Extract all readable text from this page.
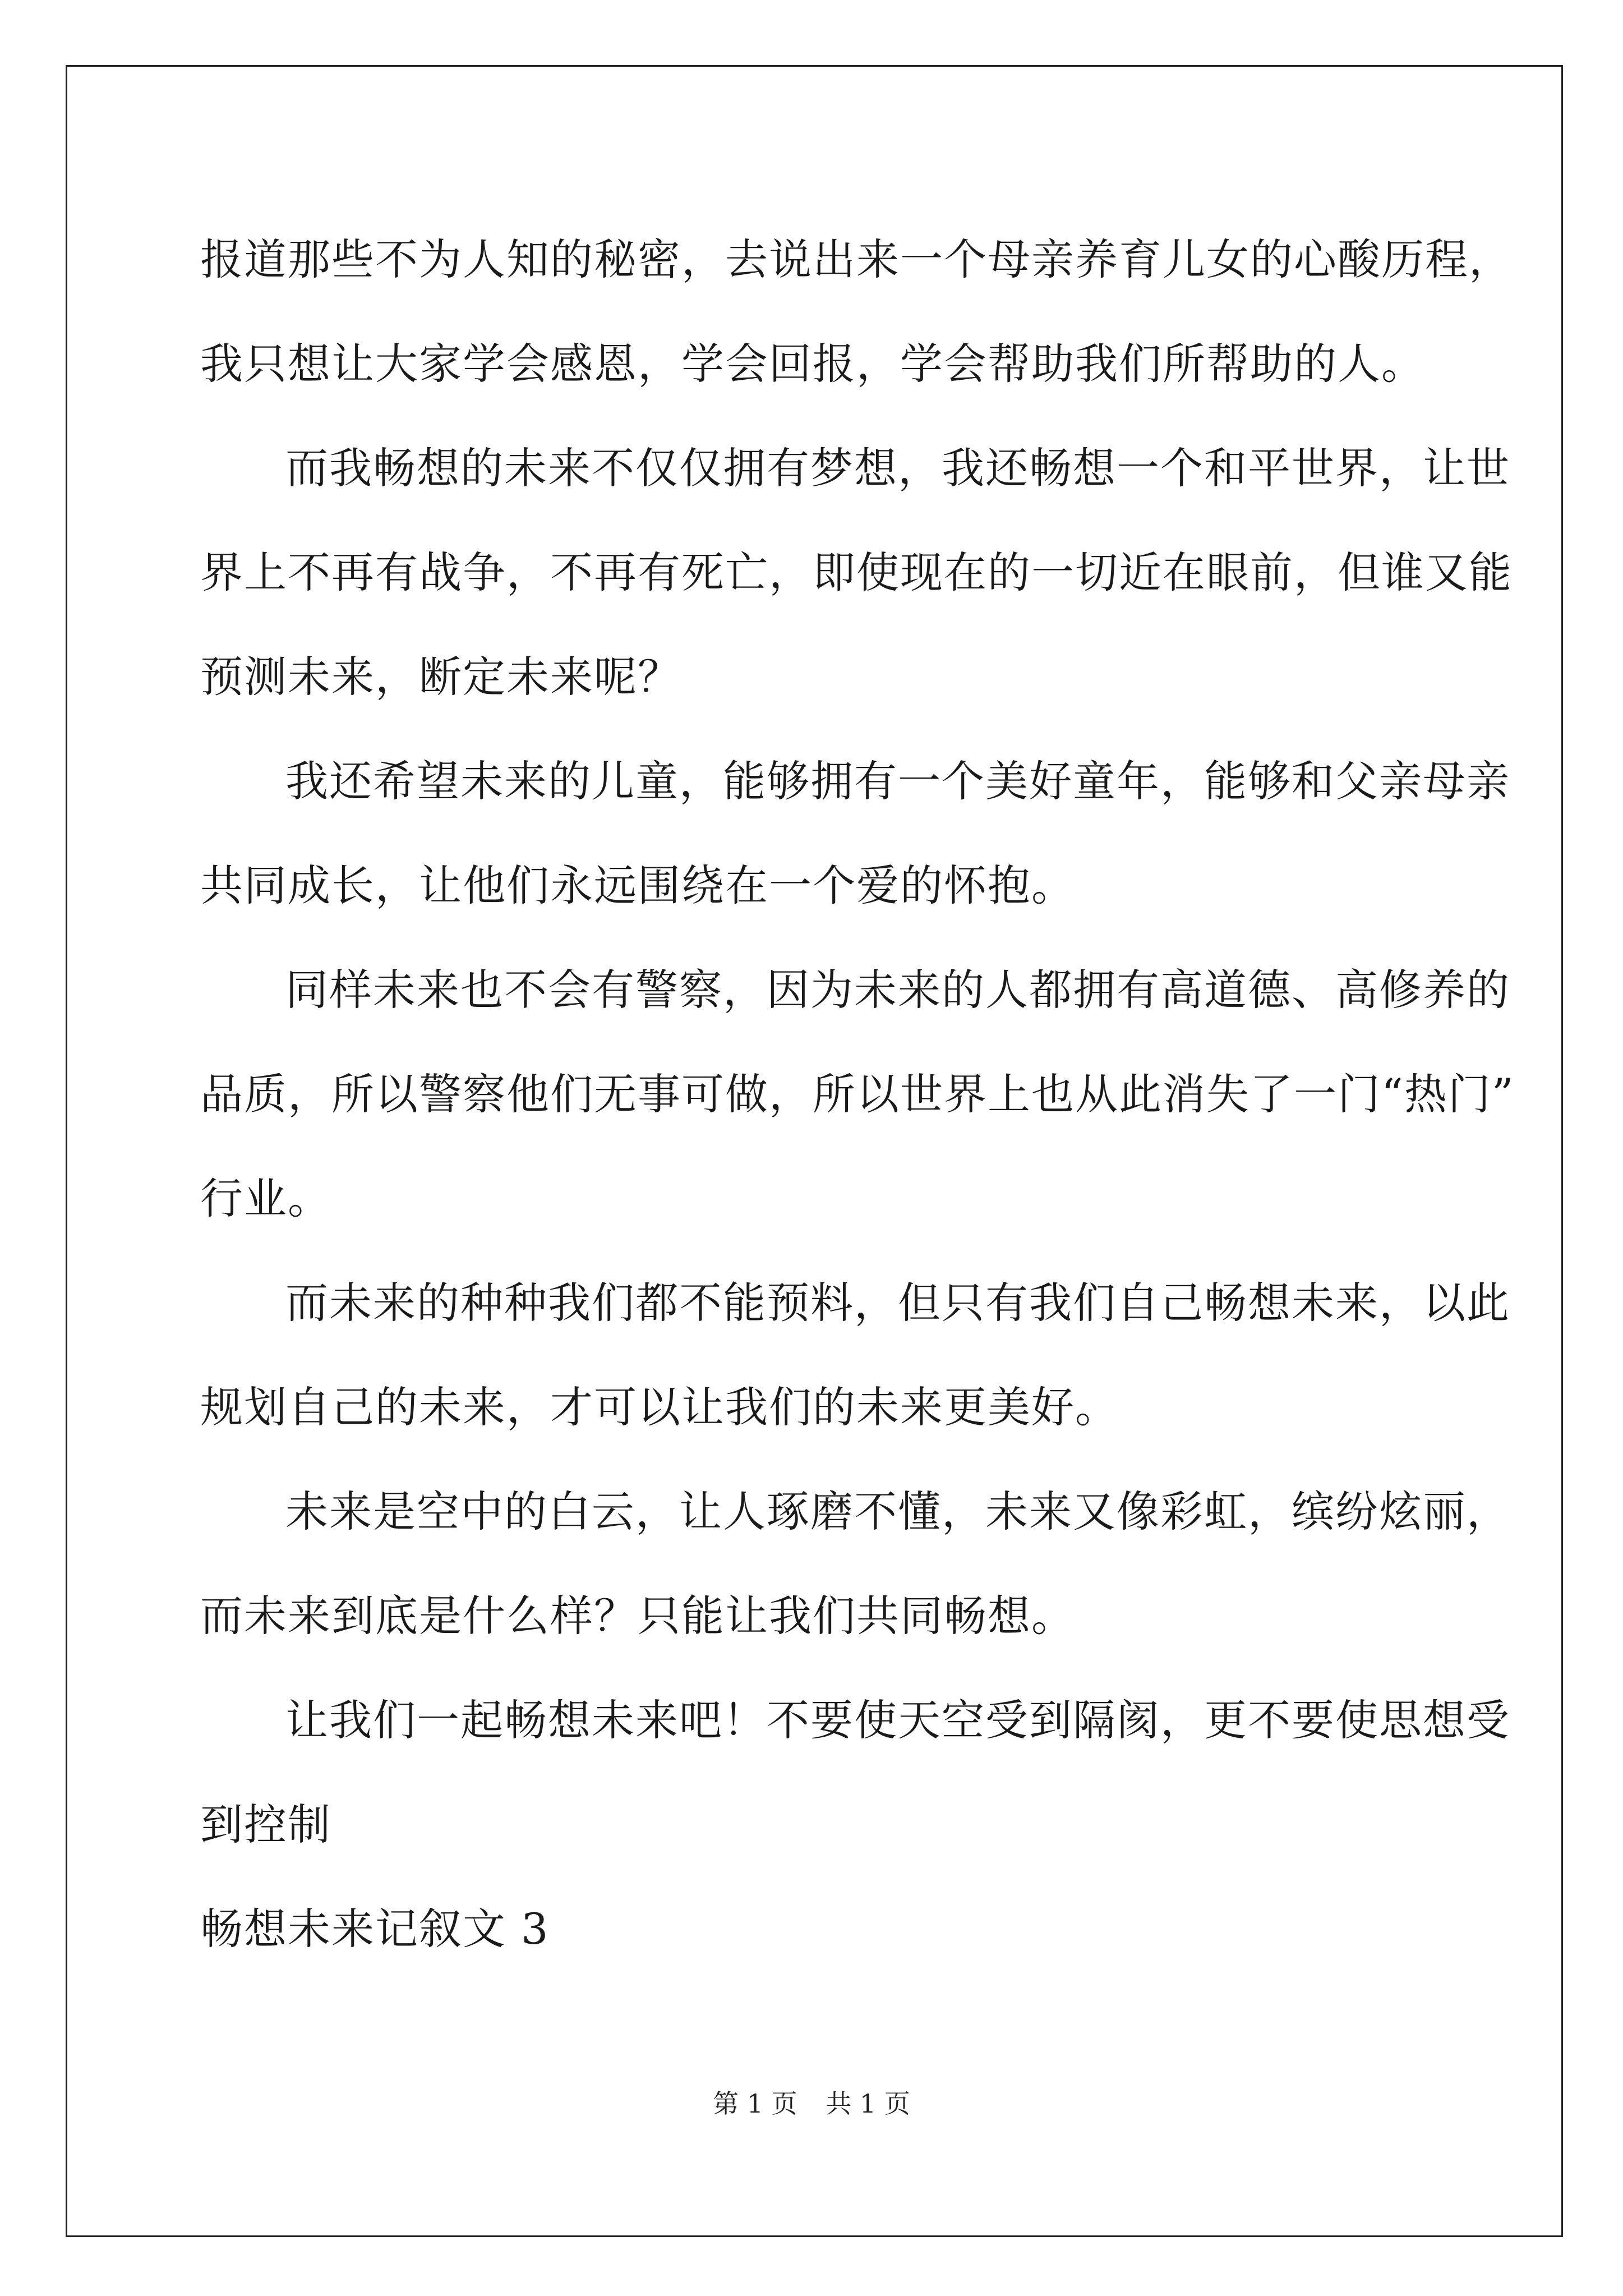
报道那些不为人知的秘密，去说出来一个母亲养育儿女的心酸历程，

我只想让大家学会感恩，学会回报，学会帮助我们所帮助的人。

而我畅想的未来不仅仅拥有梦想，我还畅想一个和平世界，让世

界上不再有战争，不再有死亡，即使现在的一切近在眼前，但谁又能

预测未来，断定未来呢？

我还希望未来的儿童，能够拥有一个美好童年，能够和父亲母亲

共同成长，让他们永远围绕在一个爱的怀抱。

同样未来也不会有警察，因为未来的人都拥有高道德、高修养的

品质，所以警察他们无事可做，所以世界上也从此消失了一门“热门”

行业。

而未来的种种我们都不能预料，但只有我们自己畅想未来，以此

规划自己的未来，才可以让我们的未来更美好。

未来是空中的白云，让人琢磨不懂，未来又像彩虹，缤纷炫丽，

而未来到底是什么样？只能让我们共同畅想。

让我们一起畅想未来吧！不要使天空受到隔阂，更不要使思想受

到控制

畅想未来记叙文 3

第 1 页 共 1 页
